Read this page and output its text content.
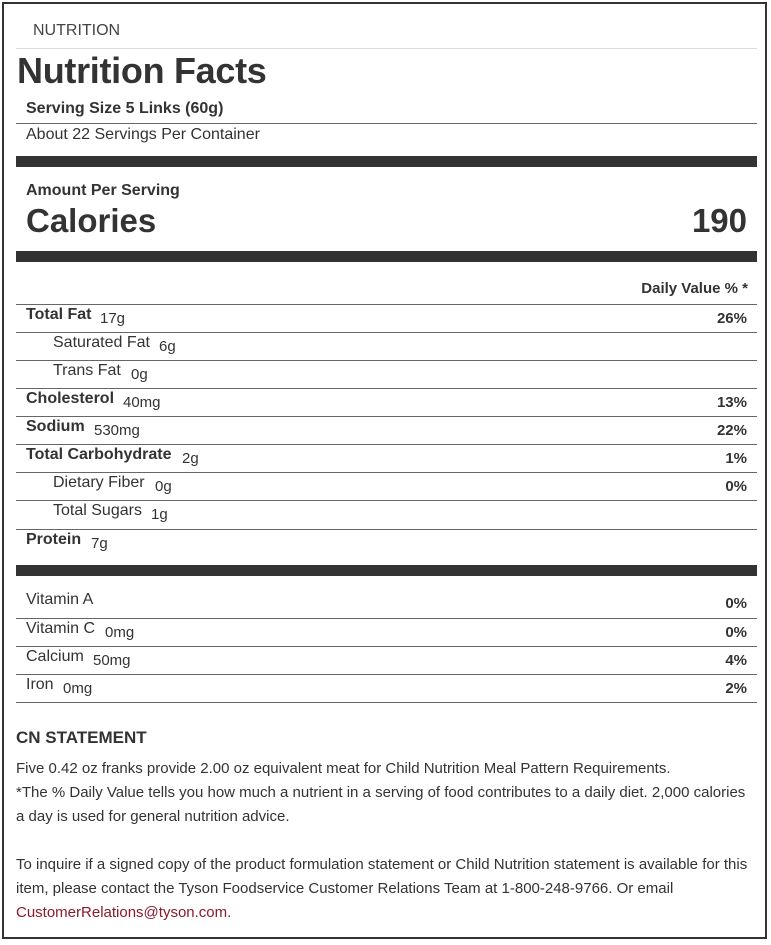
NUTRITION
Nutrition Facts
Serving Size 5 Links (60g)
About 22 Servings Per Container
Amount Per Serving
Calories	190
Daily Value % *
Total Fat 17g	26%
Saturated Fat 6g
Trans Fat 0g
Cholesterol 40mg	13%
Sodium 530mg	22%
Total Carbohydrate 2g	1%
Dietary Fiber 0g	0%
Total Sugars 1g
Protein 7g
Vitamin A	0%
Vitamin C 0mg	0%
Calcium 50mg	4%
Iron 0mg	2%
CN STATEMENT

Five 0.42 oz franks provide 2.00 oz equivalent meat for Child Nutrition Meal Pattern Requirements.

*The % Daily Value tells you how much a nutrient in a serving of food contributes to a daily diet. 2,000 calories a day is used for general nutrition advice.

To inquire if a signed copy of the product formulation statement or Child Nutrition statement is available for this item, please contact the Tyson Foodservice Customer Relations Team at 1-800-248-9766. Or email CustomerRelations@tyson.com.
